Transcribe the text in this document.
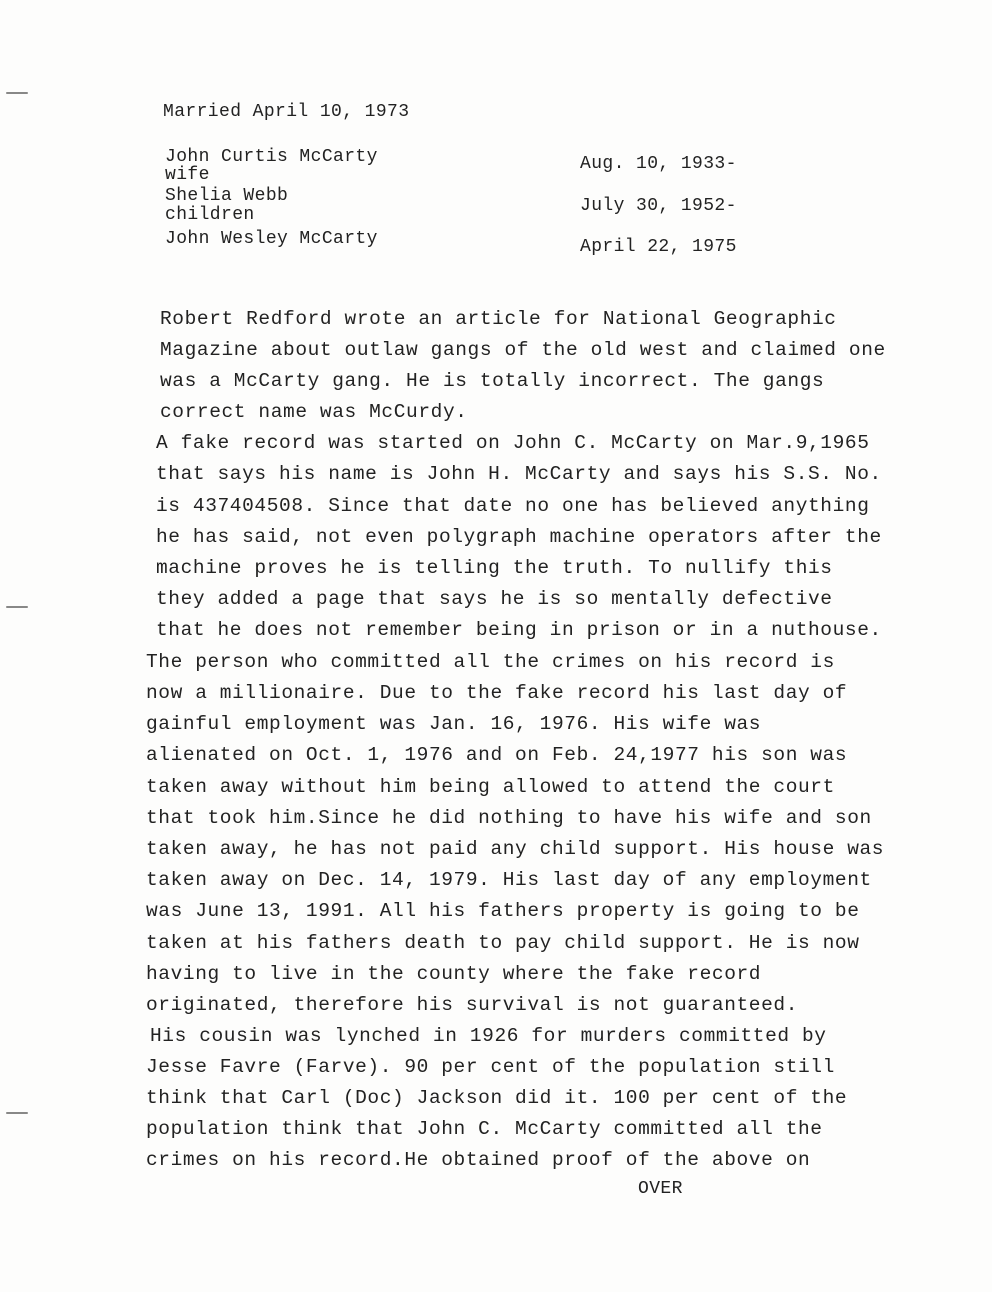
Married April 10, 1973
John Curtis McCarty
wife
Shelia Webb
children
John Wesley McCarty
Aug. 10, 1933-
July 30, 1952-
April 22, 1975
Robert Redford wrote an article for National Geographic
Magazine about outlaw gangs of the old west and claimed one
was a McCarty gang. He is totally incorrect. The gangs
correct name was McCurdy.
A fake record was started on John C. McCarty on Mar.9,1965
that says his name is John H. McCarty and says his S.S. No.
is 437404508. Since that date no one has believed anything
he has said, not even polygraph machine operators after the
machine proves he is telling the truth. To nullify this
they added a page that says he is so mentally defective
that he does not remember being in prison or in a nuthouse.
The person who committed all the crimes on his record is
now a millionaire. Due to the fake record his last day of
gainful employment was Jan. 16, 1976. His wife was
alienated on Oct. 1, 1976 and on Feb. 24,1977 his son was
taken away without him being allowed to attend the court
that took him.Since he did nothing to have his wife and son
taken away, he has not paid any child support. His house was
taken away on Dec. 14, 1979. His last day of any employment
was June 13, 1991. All his fathers property is going to be
taken at his fathers death to pay child support. He is now
having to live in the county where the fake record
originated, therefore his survival is not guaranteed.
His cousin was lynched in 1926 for murders committed by
Jesse Favre (Farve). 90 per cent of the population still
think that Carl (Doc) Jackson did it. 100 per cent of the
population think that John C. McCarty committed all the
crimes on his record.He obtained proof of the above on
OVER
